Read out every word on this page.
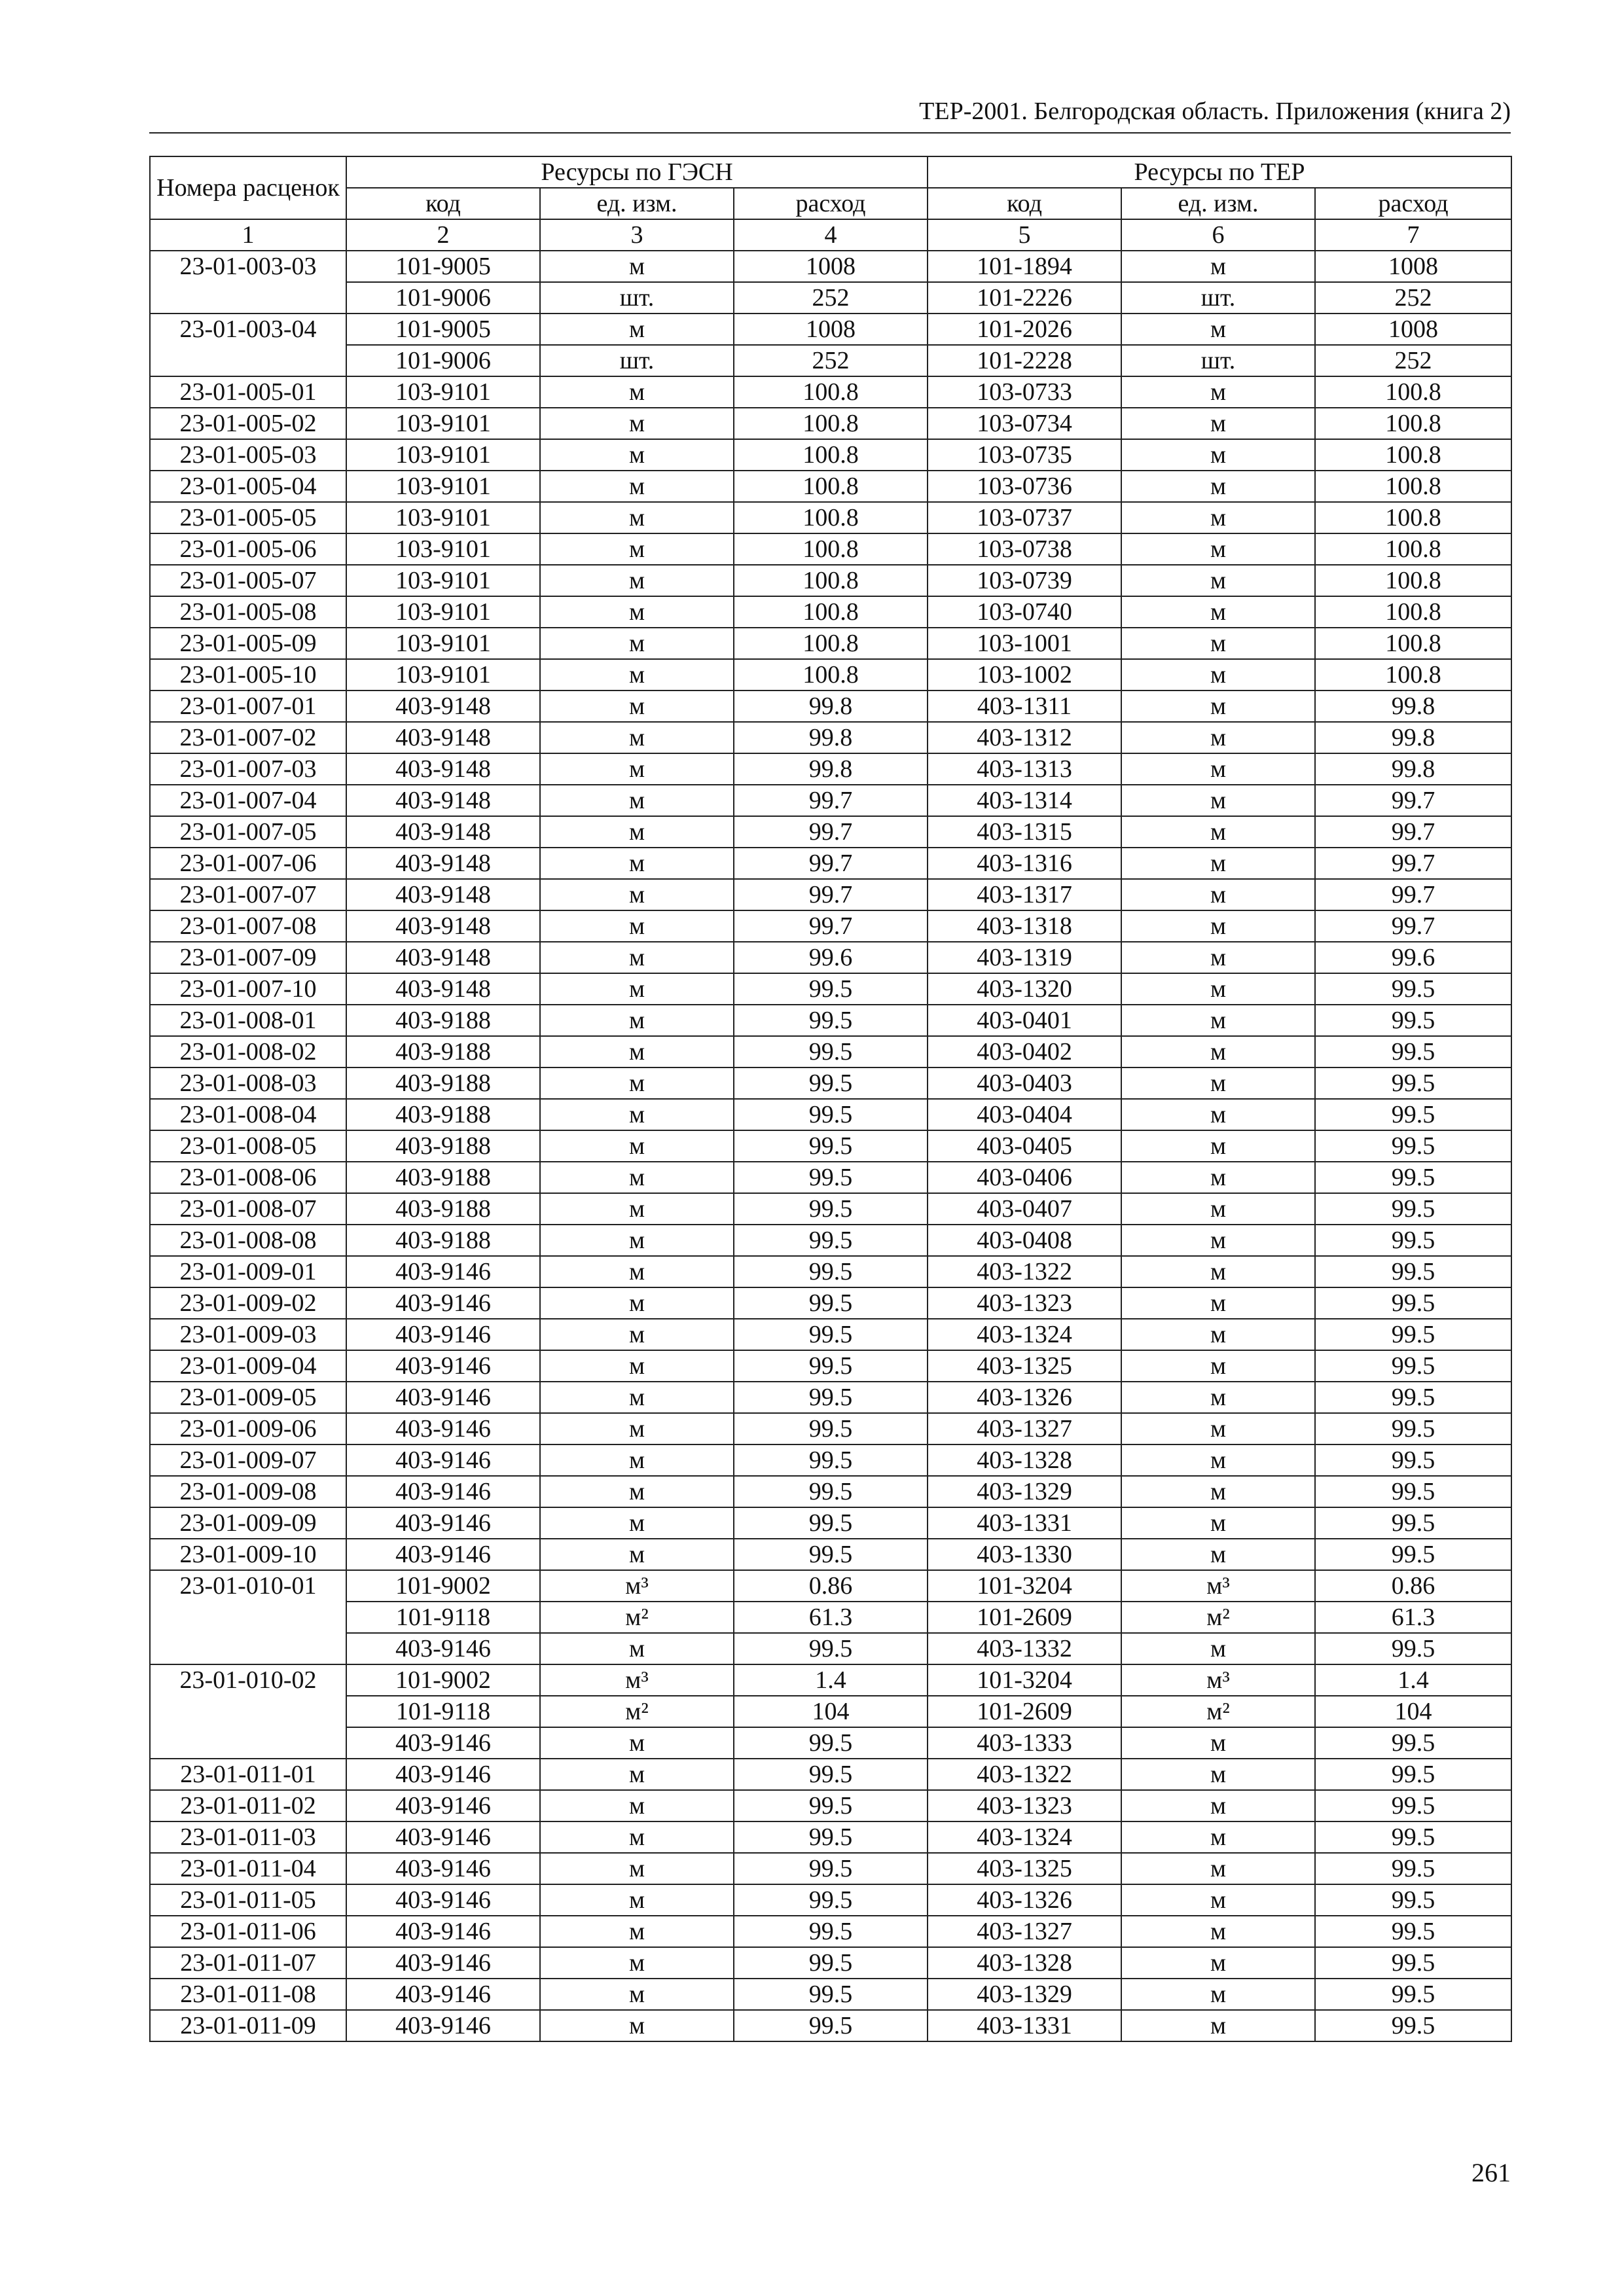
ТЕР-2001. Белгородская область. Приложения (книга 2)
Номера расценок	Ресурсы по ГЭСН			Ресурсы по ТЕР		
	код	ед. изм.	расход	код	ед. изм.	расход
1	2	3	4	5	6	7
23-01-003-03	101-9005	м	1008	101-1894	м	1008
	101-9006	шт.	252	101-2226	шт.	252
23-01-003-04	101-9005	м	1008	101-2026	м	1008
	101-9006	шт.	252	101-2228	шт.	252
23-01-005-01	103-9101	м	100.8	103-0733	м	100.8
23-01-005-02	103-9101	м	100.8	103-0734	м	100.8
23-01-005-03	103-9101	м	100.8	103-0735	м	100.8
23-01-005-04	103-9101	м	100.8	103-0736	м	100.8
23-01-005-05	103-9101	м	100.8	103-0737	м	100.8
23-01-005-06	103-9101	м	100.8	103-0738	м	100.8
23-01-005-07	103-9101	м	100.8	103-0739	м	100.8
23-01-005-08	103-9101	м	100.8	103-0740	м	100.8
23-01-005-09	103-9101	м	100.8	103-1001	м	100.8
23-01-005-10	103-9101	м	100.8	103-1002	м	100.8
23-01-007-01	403-9148	м	99.8	403-1311	м	99.8
23-01-007-02	403-9148	м	99.8	403-1312	м	99.8
23-01-007-03	403-9148	м	99.8	403-1313	м	99.8
23-01-007-04	403-9148	м	99.7	403-1314	м	99.7
23-01-007-05	403-9148	м	99.7	403-1315	м	99.7
23-01-007-06	403-9148	м	99.7	403-1316	м	99.7
23-01-007-07	403-9148	м	99.7	403-1317	м	99.7
23-01-007-08	403-9148	м	99.7	403-1318	м	99.7
23-01-007-09	403-9148	м	99.6	403-1319	м	99.6
23-01-007-10	403-9148	м	99.5	403-1320	м	99.5
23-01-008-01	403-9188	м	99.5	403-0401	м	99.5
23-01-008-02	403-9188	м	99.5	403-0402	м	99.5
23-01-008-03	403-9188	м	99.5	403-0403	м	99.5
23-01-008-04	403-9188	м	99.5	403-0404	м	99.5
23-01-008-05	403-9188	м	99.5	403-0405	м	99.5
23-01-008-06	403-9188	м	99.5	403-0406	м	99.5
23-01-008-07	403-9188	м	99.5	403-0407	м	99.5
23-01-008-08	403-9188	м	99.5	403-0408	м	99.5
23-01-009-01	403-9146	м	99.5	403-1322	м	99.5
23-01-009-02	403-9146	м	99.5	403-1323	м	99.5
23-01-009-03	403-9146	м	99.5	403-1324	м	99.5
23-01-009-04	403-9146	м	99.5	403-1325	м	99.5
23-01-009-05	403-9146	м	99.5	403-1326	м	99.5
23-01-009-06	403-9146	м	99.5	403-1327	м	99.5
23-01-009-07	403-9146	м	99.5	403-1328	м	99.5
23-01-009-08	403-9146	м	99.5	403-1329	м	99.5
23-01-009-09	403-9146	м	99.5	403-1331	м	99.5
23-01-009-10	403-9146	м	99.5	403-1330	м	99.5
23-01-010-01	101-9002	м³	0.86	101-3204	м³	0.86
	101-9118	м²	61.3	101-2609	м²	61.3
	403-9146	м	99.5	403-1332	м	99.5
23-01-010-02	101-9002	м³	1.4	101-3204	м³	1.4
	101-9118	м²	104	101-2609	м²	104
	403-9146	м	99.5	403-1333	м	99.5
23-01-011-01	403-9146	м	99.5	403-1322	м	99.5
23-01-011-02	403-9146	м	99.5	403-1323	м	99.5
23-01-011-03	403-9146	м	99.5	403-1324	м	99.5
23-01-011-04	403-9146	м	99.5	403-1325	м	99.5
23-01-011-05	403-9146	м	99.5	403-1326	м	99.5
23-01-011-06	403-9146	м	99.5	403-1327	м	99.5
23-01-011-07	403-9146	м	99.5	403-1328	м	99.5
23-01-011-08	403-9146	м	99.5	403-1329	м	99.5
23-01-011-09	403-9146	м	99.5	403-1331	м	99.5
261
